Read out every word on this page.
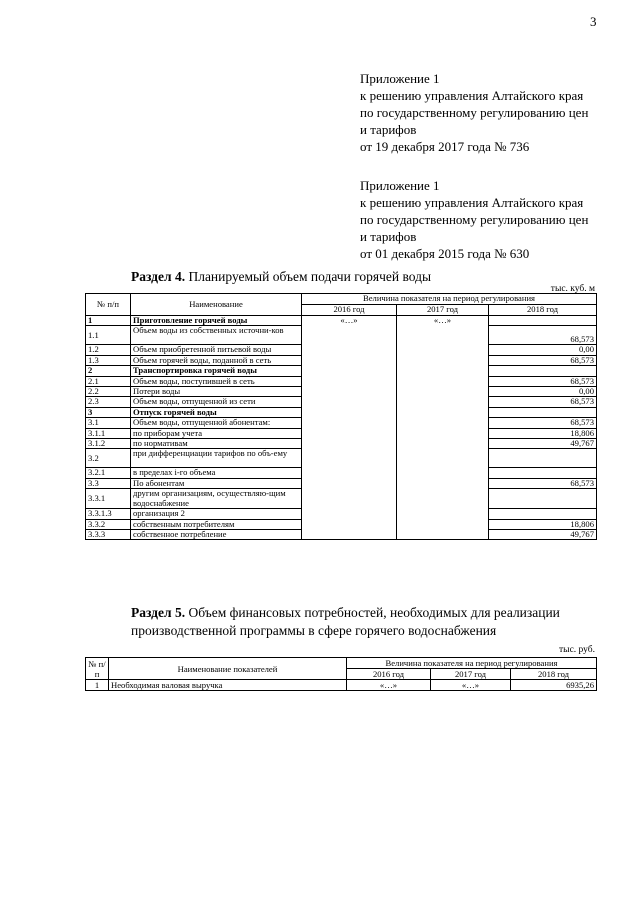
3
Приложение 1
к решению управления Алтайского края
по государственному регулированию цен
и тарифов
от 19 декабря 2017 года № 736
Приложение 1
к решению управления Алтайского края
по государственному регулированию цен
и тарифов
от 01 декабря 2015 года № 630
Раздел 4. Планируемый объем подачи горячей воды
тыс. куб. м
№ п/п	Наименование	Величина показателя на период регулирования		
		2016 год	2017 год	2018 год
1	Приготовление горячей воды	«…»	«…»	
1.1	Объем воды из собственных источни-ков			68,573
1.2	Объем приобретенной питьевой воды			0,00
1.3	Объем горячей воды, поданной в сеть			68,573
2	Транспортировка горячей воды			
2.1	Объем воды, поступившей в сеть			68,573
2.2	Потери воды			0,00
2.3	Объем воды, отпущенной из сети			68,573
3	Отпуск горячей воды			
3.1	Объем воды, отпущенной абонентам:			68,573
3.1.1	по приборам учета			18,806
3.1.2	по нормативам			49,767
3.2	при дифференциации тарифов по объ-ему			
3.2.1	в пределах i-го объема			
3.3	По абонентам			68,573
3.3.1	другим организациям, осуществляю-щим водоснабжение			
3.3.1.3	организация 2			
3.3.2	собственным потребителям			18,806
3.3.3	собственное потребление			49,767
Раздел 5. Объем финансовых потребностей, необходимых для реализации производственной программы в сфере горячего водоснабжения
тыс. руб.
№ п/п	Наименование показателей	Величина показателя на период регулирования		
		2016 год	2017 год	2018 год
1	Необходимая валовая выручка	«…»	«…»	6935,26
